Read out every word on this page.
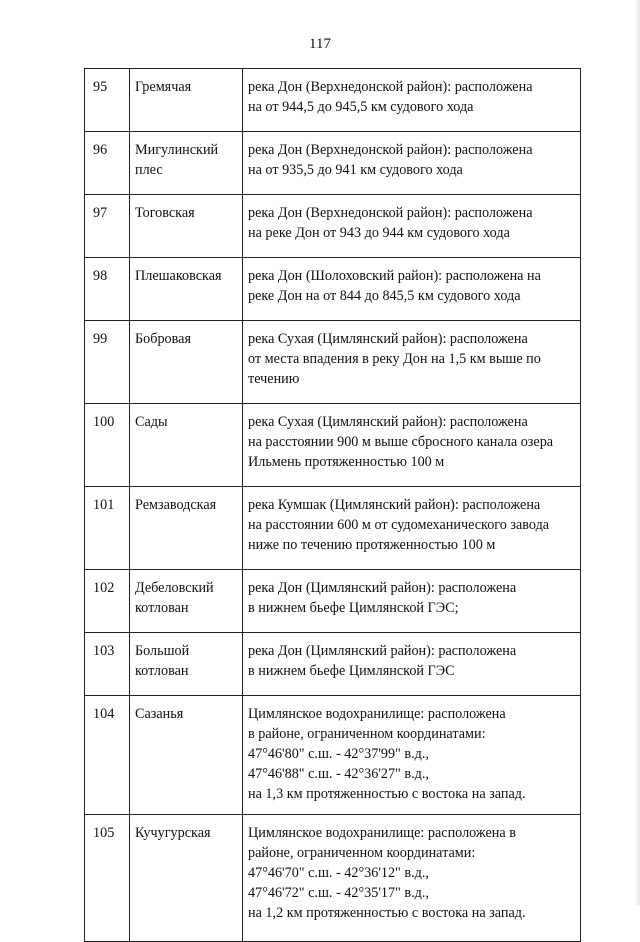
117
95	Гремячая	река Дон (Верхнедонской район): расположена
на от 944,5 до 945,5 км судового хода

96	Мигулинский
плес	река Дон (Верхнедонской район): расположена
на от 935,5 до 941 км судового хода

97	Тоговская	река Дон (Верхнедонской район): расположена
на реке Дон от 943 до 944 км судового хода

98	Плешаковская	река Дон (Шолоховский район): расположена на
реке Дон на от 844 до 845,5 км судового хода

99	Бобровая	река Сухая (Цимлянский район): расположена
от места впадения в реку Дон на 1,5 км выше по
течению

100	Сады	река Сухая (Цимлянский район): расположена
на расстоянии 900 м выше сбросного канала озера
Ильмень протяженностью 100 м

101	Ремзаводская	река Кумшак (Цимлянский район): расположена
на расстоянии 600 м от судомеханического завода
ниже по течению протяженностью 100 м

102	Дебеловский
котлован	река Дон (Цимлянский район): расположена
в нижнем бьефе Цимлянской ГЭС;

103	Большой
котлован	река Дон (Цимлянский район): расположена
в нижнем бьефе Цимлянской ГЭС

104	Сазанья	Цимлянское водохранилище: расположена
в районе, ограниченном координатами:
47°46'80" с.ш. - 42°37'99" в.д.,
47°46'88" с.ш. - 42°36'27" в.д.,
на 1,3 км протяженностью с востока на запад.

105	Кучугурская	Цимлянское водохранилище: расположена в
районе, ограниченном координатами:
47°46'70" с.ш. - 42°36'12" в.д.,
47°46'72" с.ш. - 42°35'17" в.д.,
на 1,2 км протяженностью с востока на запад.
